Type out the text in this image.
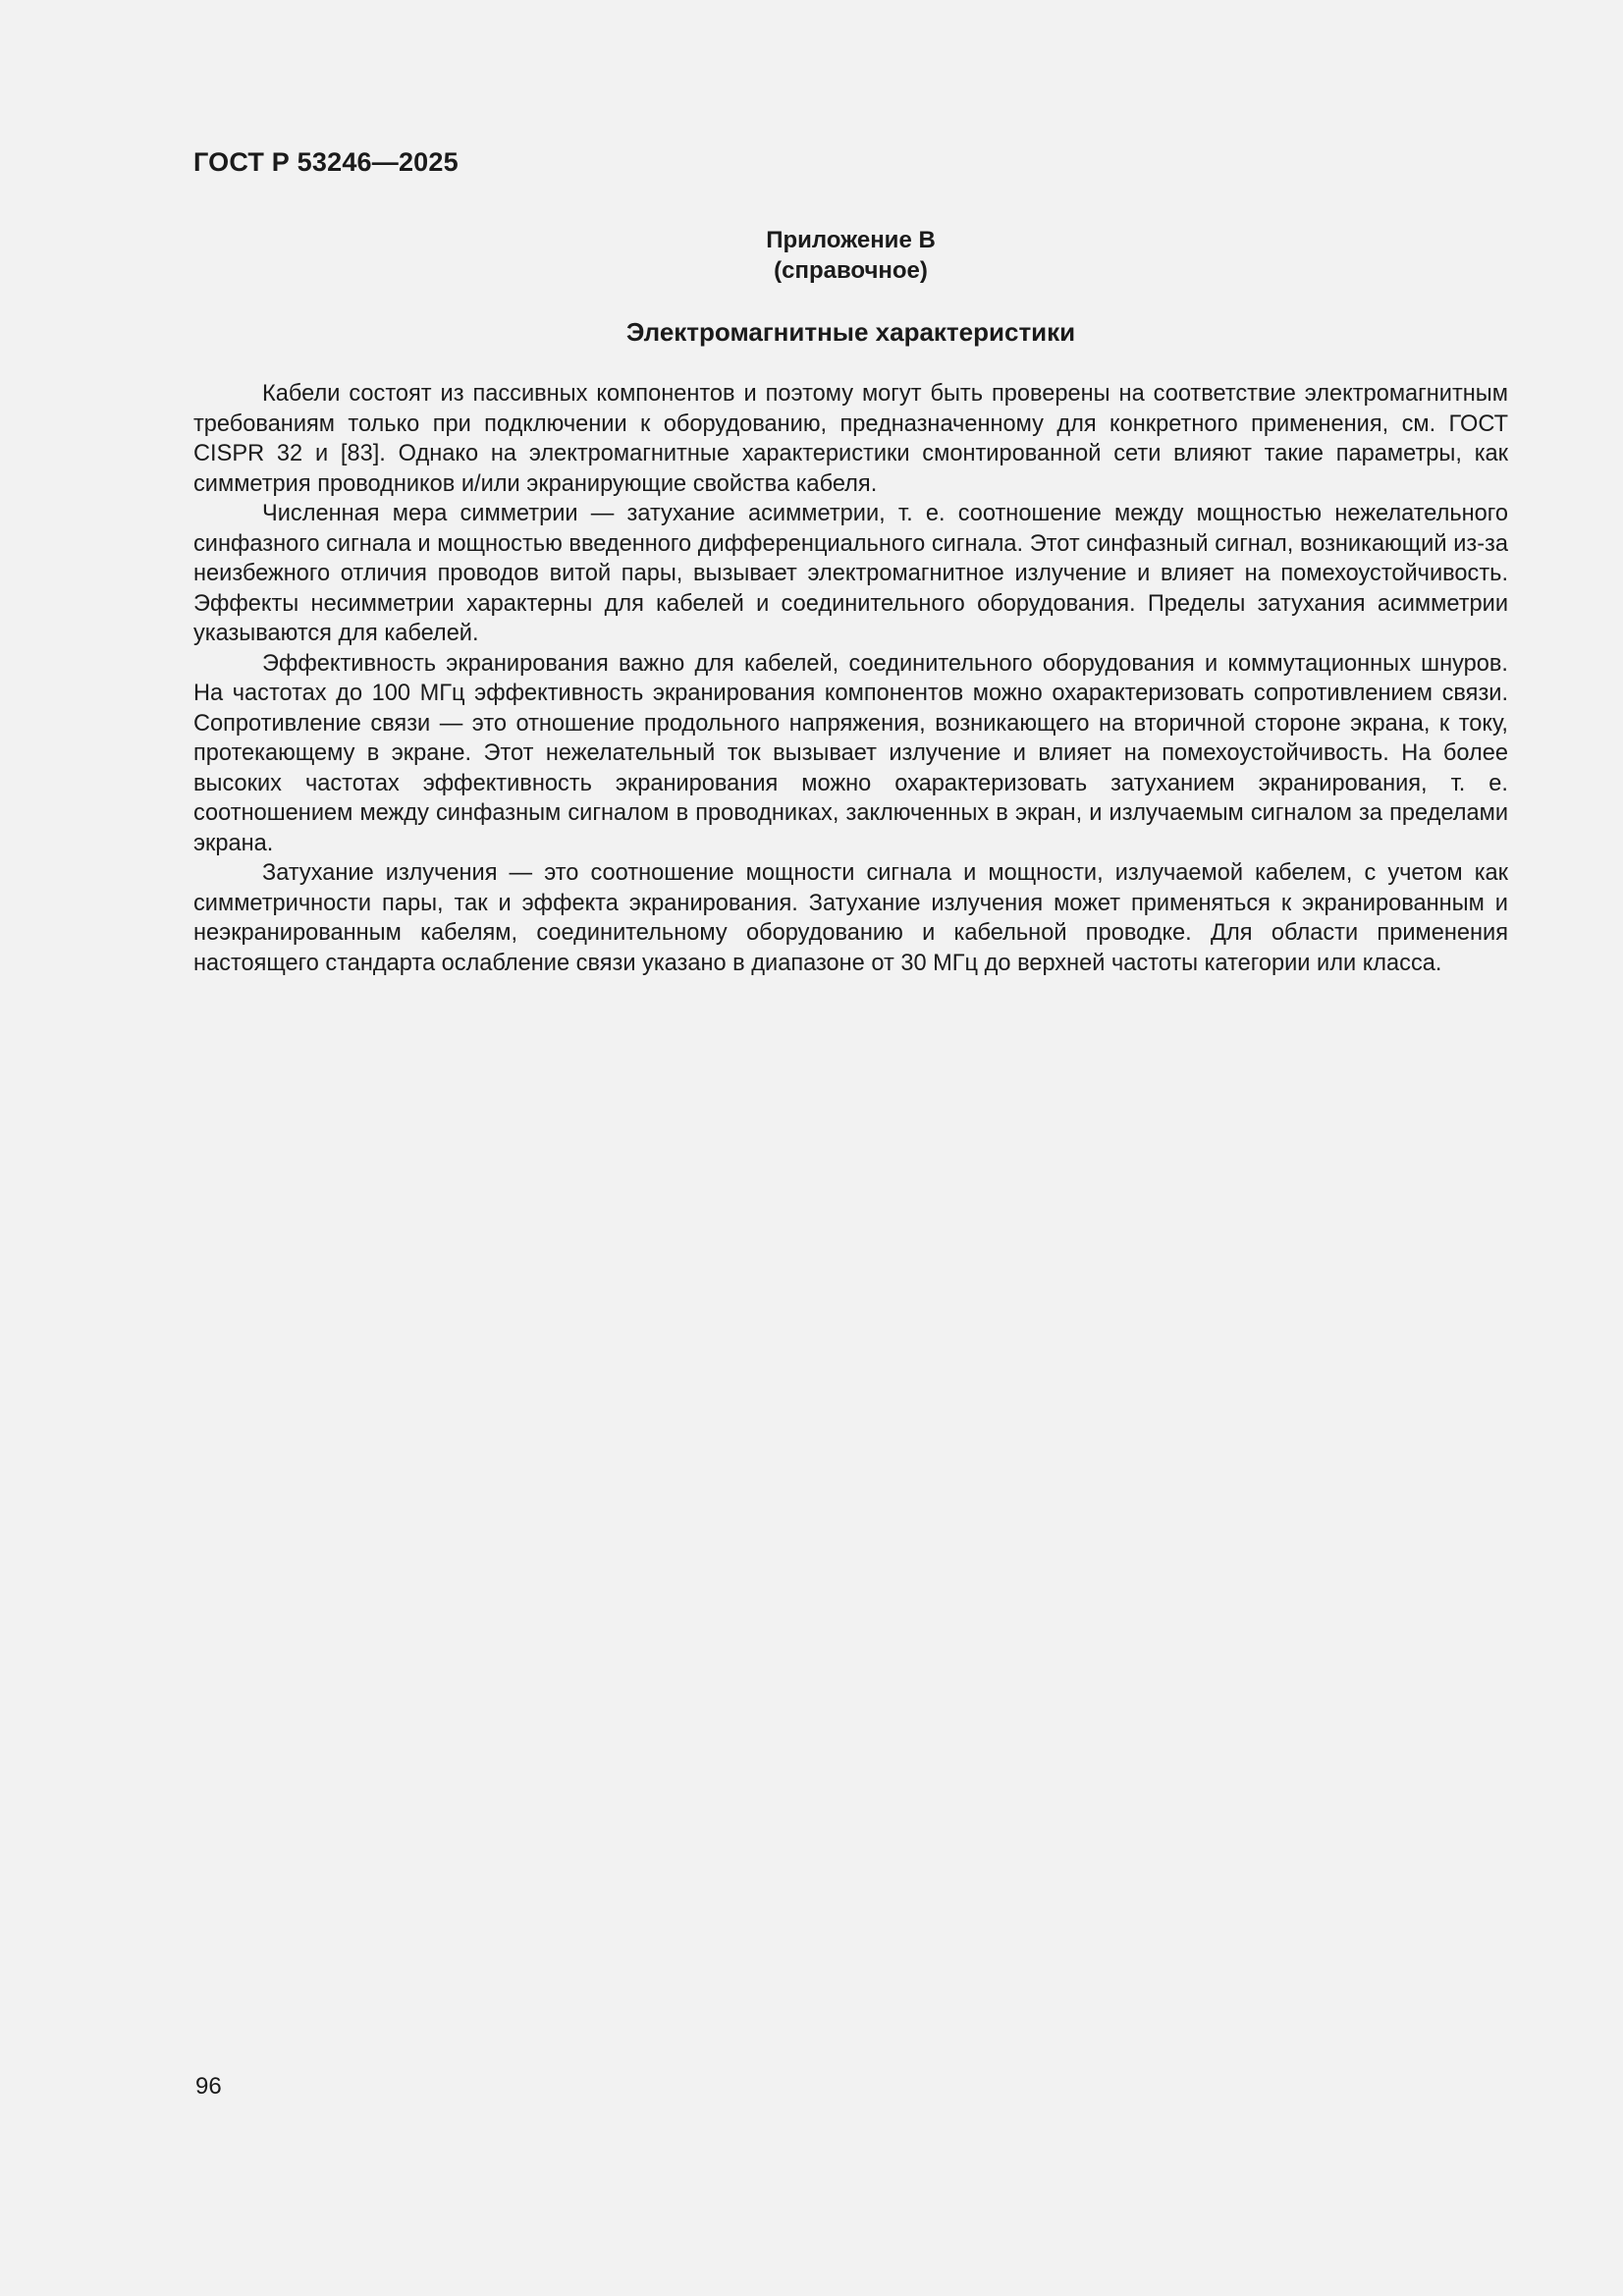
ГОСТ Р 53246—2025
Приложение В
(справочное)
Электромагнитные характеристики

Кабели состоят из пассивных компонентов и поэтому могут быть проверены на соответствие электромагнитным требованиям только при подключении к оборудованию, предназначенному для конкретного применения, см. ГОСТ CISPR 32 и [83]. Однако на электромагнитные характеристики смонтированной сети влияют такие параметры, как симметрия проводников и/или экранирующие свойства кабеля.

Численная мера симметрии — затухание асимметрии, т. е. соотношение между мощностью нежелательного синфазного сигнала и мощностью введенного дифференциального сигнала. Этот синфазный сигнал, возникающий из-за неизбежного отличия проводов витой пары, вызывает электромагнитное излучение и влияет на помехоустойчивость. Эффекты несимметрии характерны для кабелей и соединительного оборудования. Пределы затухания асимметрии указываются для кабелей.

Эффективность экранирования важно для кабелей, соединительного оборудования и коммутационных шнуров. На частотах до 100 МГц эффективность экранирования компонентов можно охарактеризовать сопротивлением связи. Сопротивление связи — это отношение продольного напряжения, возникающего на вторичной стороне экрана, к току, протекающему в экране. Этот нежелательный ток вызывает излучение и влияет на помехоустойчивость. На более высоких частотах эффективность экранирования можно охарактеризовать затуханием экранирования, т. е. соотношением между синфазным сигналом в проводниках, заключенных в экран, и излучаемым сигналом за пределами экрана.

Затухание излучения — это соотношение мощности сигнала и мощности, излучаемой кабелем, с учетом как симметричности пары, так и эффекта экранирования. Затухание излучения может применяться к экранированным и неэкранированным кабелям, соединительному оборудованию и кабельной проводке. Для области применения настоящего стандарта ослабление связи указано в диапазоне от 30 МГц до верхней частоты категории или класса.

96
